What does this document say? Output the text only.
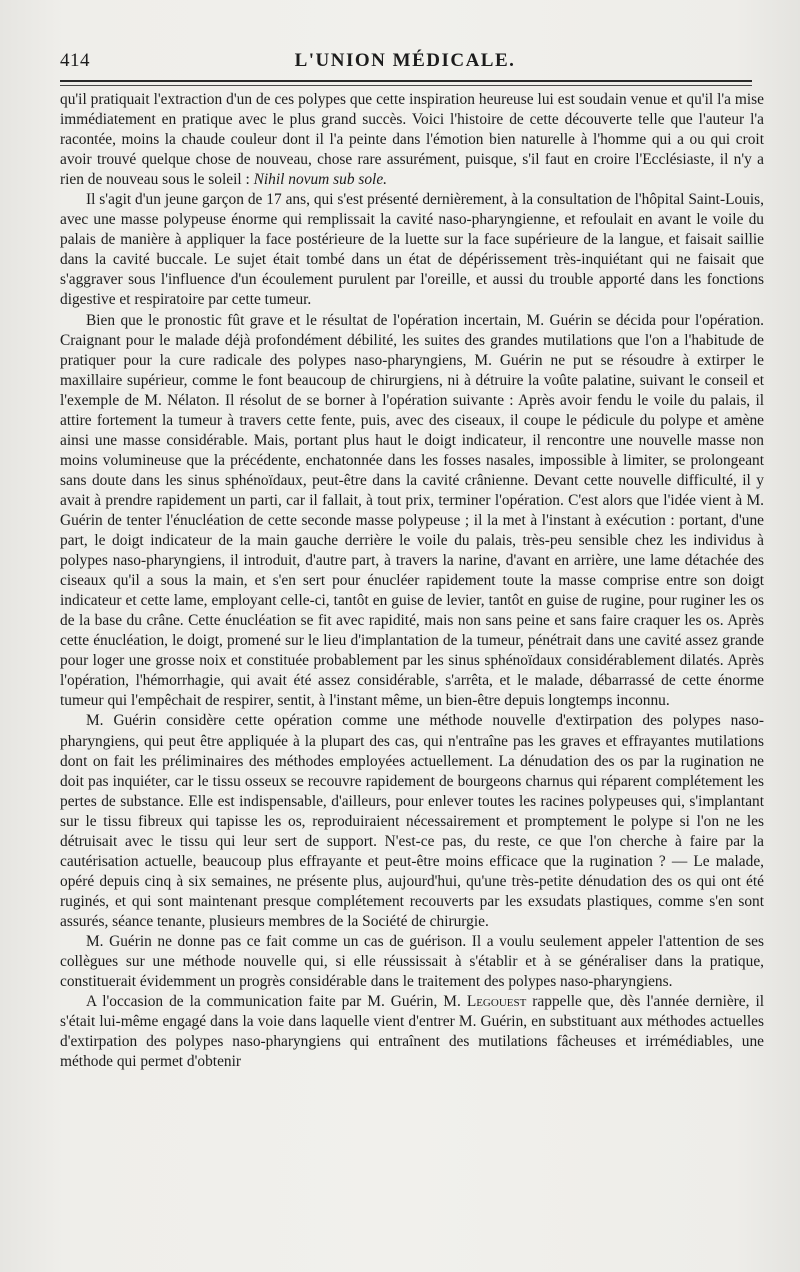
414	L'UNION MÉDICALE.

qu'il pratiquait l'extraction d'un de ces polypes que cette inspiration heureuse lui est soudain venue et qu'il l'a mise immédiatement en pratique avec le plus grand succès. Voici l'histoire de cette découverte telle que l'auteur l'a racontée, moins la chaude couleur dont il l'a peinte dans l'émotion bien naturelle à l'homme qui a ou qui croit avoir trouvé quelque chose de nouveau, chose rare assurément, puisque, s'il faut en croire l'Ecclésiaste, il n'y a rien de nouveau sous le soleil : Nihil novum sub sole.

Il s'agit d'un jeune garçon de 17 ans, qui s'est présenté dernièrement, à la consultation de l'hôpital Saint-Louis, avec une masse polypeuse énorme qui remplissait la cavité naso-pharyngienne, et refoulait en avant le voile du palais de manière à appliquer la face postérieure de la luette sur la face supérieure de la langue, et faisait saillie dans la cavité buccale. Le sujet était tombé dans un état de dépérissement très-inquiétant qui ne faisait que s'aggraver sous l'influence d'un écoulement purulent par l'oreille, et aussi du trouble apporté dans les fonctions digestive et respiratoire par cette tumeur.

Bien que le pronostic fût grave et le résultat de l'opération incertain, M. Guérin se décida pour l'opération. Craignant pour le malade déjà profondément débilité, les suites des grandes mutilations que l'on a l'habitude de pratiquer pour la cure radicale des polypes naso-pharyngiens, M. Guérin ne put se résoudre à extirper le maxillaire supérieur, comme le font beaucoup de chirurgiens, ni à détruire la voûte palatine, suivant le conseil et l'exemple de M. Nélaton. Il résolut de se borner à l'opération suivante : Après avoir fendu le voile du palais, il attire fortement la tumeur à travers cette fente, puis, avec des ciseaux, il coupe le pédicule du polype et amène ainsi une masse considérable. Mais, portant plus haut le doigt indicateur, il rencontre une nouvelle masse non moins volumineuse que la précédente, enchatonnée dans les fosses nasales, impossible à limiter, se prolongeant sans doute dans les sinus sphénoïdaux, peut-être dans la cavité crânienne. Devant cette nouvelle difficulté, il y avait à prendre rapidement un parti, car il fallait, à tout prix, terminer l'opération. C'est alors que l'idée vient à M. Guérin de tenter l'énucléation de cette seconde masse polypeuse ; il la met à l'instant à exécution : portant, d'une part, le doigt indicateur de la main gauche derrière le voile du palais, très-peu sensible chez les individus à polypes naso-pharyngiens, il introduit, d'autre part, à travers la narine, d'avant en arrière, une lame détachée des ciseaux qu'il a sous la main, et s'en sert pour énucléer rapidement toute la masse comprise entre son doigt indicateur et cette lame, employant celle-ci, tantôt en guise de levier, tantôt en guise de rugine, pour ruginer les os de la base du crâne. Cette énucléation se fit avec rapidité, mais non sans peine et sans faire craquer les os. Après cette énucléation, le doigt, promené sur le lieu d'implantation de la tumeur, pénétrait dans une cavité assez grande pour loger une grosse noix et constituée probablement par les sinus sphénoïdaux considérablement dilatés. Après l'opération, l'hémorrhagie, qui avait été assez considérable, s'arrêta, et le malade, débarrassé de cette énorme tumeur qui l'empêchait de respirer, sentit, à l'instant même, un bien-être depuis longtemps inconnu.

M. Guérin considère cette opération comme une méthode nouvelle d'extirpation des polypes naso-pharyngiens, qui peut être appliquée à la plupart des cas, qui n'entraîne pas les graves et effrayantes mutilations dont on fait les préliminaires des méthodes employées actuellement. La dénudation des os par la rugination ne doit pas inquiéter, car le tissu osseux se recouvre rapidement de bourgeons charnus qui réparent complétement les pertes de substance. Elle est indispensable, d'ailleurs, pour enlever toutes les racines polypeuses qui, s'implantant sur le tissu fibreux qui tapisse les os, reproduiraient nécessairement et promptement le polype si l'on ne les détruisait avec le tissu qui leur sert de support. N'est-ce pas, du reste, ce que l'on cherche à faire par la cautérisation actuelle, beaucoup plus effrayante et peut-être moins efficace que la rugination ? — Le malade, opéré depuis cinq à six semaines, ne présente plus, aujourd'hui, qu'une très-petite dénudation des os qui ont été ruginés, et qui sont maintenant presque complétement recouverts par les exsudats plastiques, comme s'en sont assurés, séance tenante, plusieurs membres de la Société de chirurgie.

M. Guérin ne donne pas ce fait comme un cas de guérison. Il a voulu seulement appeler l'attention de ses collègues sur une méthode nouvelle qui, si elle réussissait à s'établir et à se généraliser dans la pratique, constituerait évidemment un progrès considérable dans le traitement des polypes naso-pharyngiens.

A l'occasion de la communication faite par M. Guérin, M. Legouest rappelle que, dès l'année dernière, il s'était lui-même engagé dans la voie dans laquelle vient d'entrer M. Guérin, en substituant aux méthodes actuelles d'extirpation des polypes naso-pharyngiens qui entraînent des mutilations fâcheuses et irrémédiables, une méthode qui permet d'obtenir
